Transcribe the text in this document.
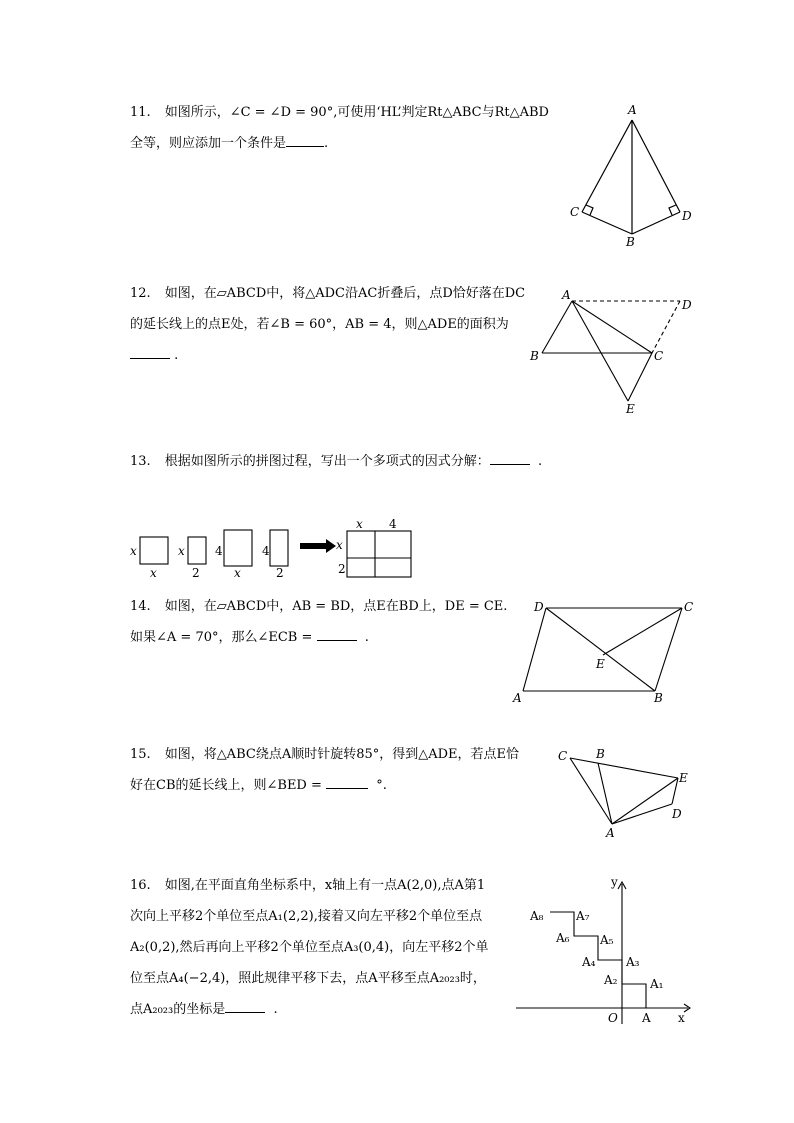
11. 如图所示，∠C = ∠D = 90°,可使用‘HL’判定Rt△ABC与Rt△ABD
全等，则应添加一个条件是	.
A
C	D
B
12. 如图，在▱ABCD中，将△ADC沿AC折叠后，点D恰好落在DC
的延长线上的点E处，若∠B = 60°，AB = 4，则△ADE的面积为
.
A
D
B	C
E
13. 根据如图所示的拼图过程，写出一个多项式的因式分解：	.
x
x
x
2
4
x
4
2
x 4
x
2
14. 如图，在▱ABCD中，AB = BD，点E在BD上，DE = CE.
如果∠A = 70°，那么∠ECB =	.
D	C
E
A	B
15. 如图，将△ABC绕点A顺时针旋转85°，得到△ADE，若点E恰
好在CB的延长线上，则∠BED =	°.
C B
E
D
A
16. 如图,在平面直角坐标系中，x轴上有一点A(2,0),点A第1
次向上平移2个单位至点A₁(2,2),接着又向左平移2个单位至点
A₂(0,2),然后再向上平移2个单位至点A₃(0,4)，向左平移2个单
位至点A₄(−2,4)，照此规律平移下去，点A平移至点A₂₀₂₃时，
点A₂₀₂₃的坐标是	.
y
x
O A
A₁
A₂
A₃
A₄
A₅
A₆
A₇
A₈
